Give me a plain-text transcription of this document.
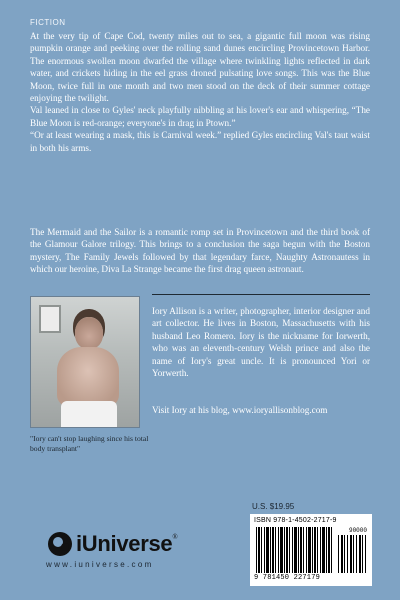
FICTION

At the very tip of Cape Cod, twenty miles out to sea, a gigantic full moon was rising pumpkin orange and peeking over the rolling sand dunes encircling Provincetown Harbor. The enormous swollen moon dwarfed the village where twinkling lights reflected in dark water, and crickets hiding in the eel grass droned pulsating love songs. This was the Blue Moon, twice full in one month and two men stood on the deck of their summer cottage enjoying the twilight.

Val leaned in close to Gyles' neck playfully nibbling at his lover's ear and whispering, “The Blue Moon is red-orange; everyone's in drag in Ptown.”

“Or at least wearing a mask, this is Carnival week.” replied Gyles encircling Val's taut waist in both his arms.

The Mermaid and the Sailor is a romantic romp set in Provincetown and the third book of the Glamour Galore trilogy. This brings to a conclusion the saga begun with the Boston mystery, The Family Jewels followed by that legendary farce, Naughty Astronautess in which our heroine, Diva La Strange became the first drag queen astronaut.

"Iory can't stop laughing since his total body transplant"

Iory Allison is a writer, photographer, interior designer and art collector. He lives in Boston, Massachusetts with his husband Leo Romero. Iory is the nickname for Iorwerth, who was an eleventh-century Welsh prince and also the name of Iory's great uncle. It is pronounced Yori or Yorwerth.

Visit Iory at his blog, www.ioryallisonblog.com

iUniverse ®
www.iuniverse.com
U.S. $19.95
ISBN 978-1-4502-2717-9
90000
9 781450 227179
